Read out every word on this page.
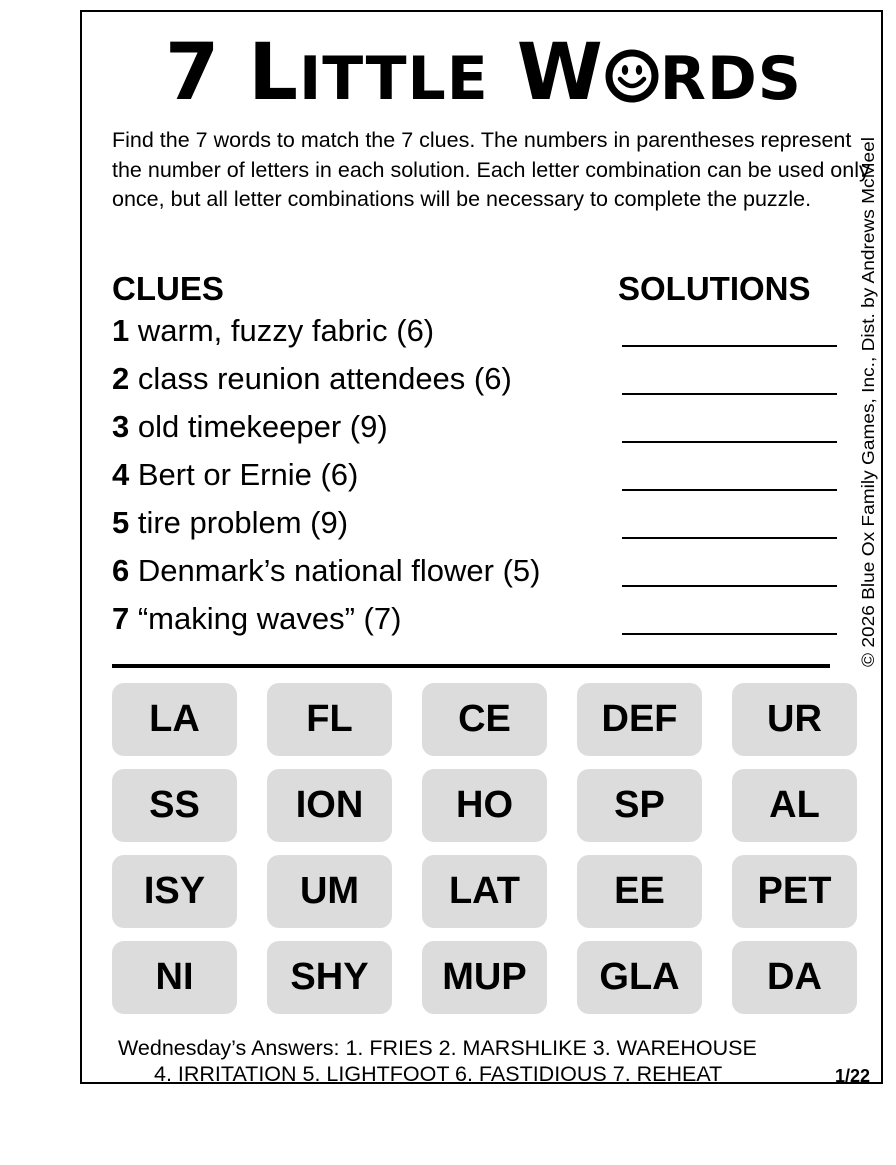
7 L ITTLE W RDS
Find the 7 words to match the 7 clues. The numbers in parentheses represent the number of letters in each solution. Each letter combination can be used only once, but all letter combinations will be necessary to complete the puzzle.
CLUES	SOLUTIONS
1 warm, fuzzy fabric (6)
2 class reunion attendees (6)
3 old timekeeper (9)
4 Bert or Ernie (6)
5 tire problem (9)
6 Denmark’s national flower (5)
7 “making waves” (7)	© 2026 Blue Ox Family Games, Inc., Dist. by Andrews McMeel
LA	FL	CE	DEF	UR
SS	ION	HO	SP	AL
ISY	UM	LAT	EE	PET
NI	SHY	MUP	GLA	DA
Wednesday’s Answers: 1. FRIES 2. MARSHLIKE 3. WAREHOUSE
4. IRRITATION 5. LIGHTFOOT 6. FASTIDIOUS 7. REHEAT	1/22
